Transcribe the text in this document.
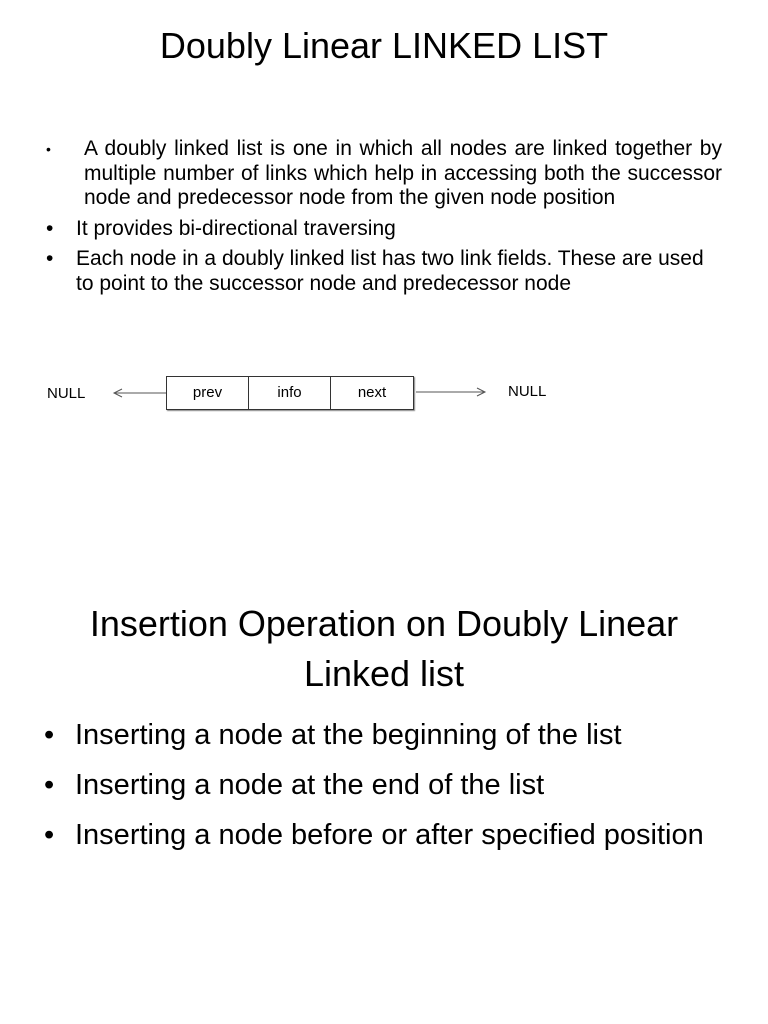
Doubly Linear LINKED LIST
• A doubly linked list is one in which all nodes are linked together by multiple number of links which help in accessing both the successor node and predecessor node from the given node position
• It provides bi-directional traversing
• Each node in a doubly linked list has two link fields. These are used to point to the successor node and predecessor node
NULL	prev	info	next	NULL
Insertion Operation on Doubly Linear Linked list
• Inserting a node at the beginning of the list
• Inserting a node at the end of the list
• Inserting a node before or after specified position
